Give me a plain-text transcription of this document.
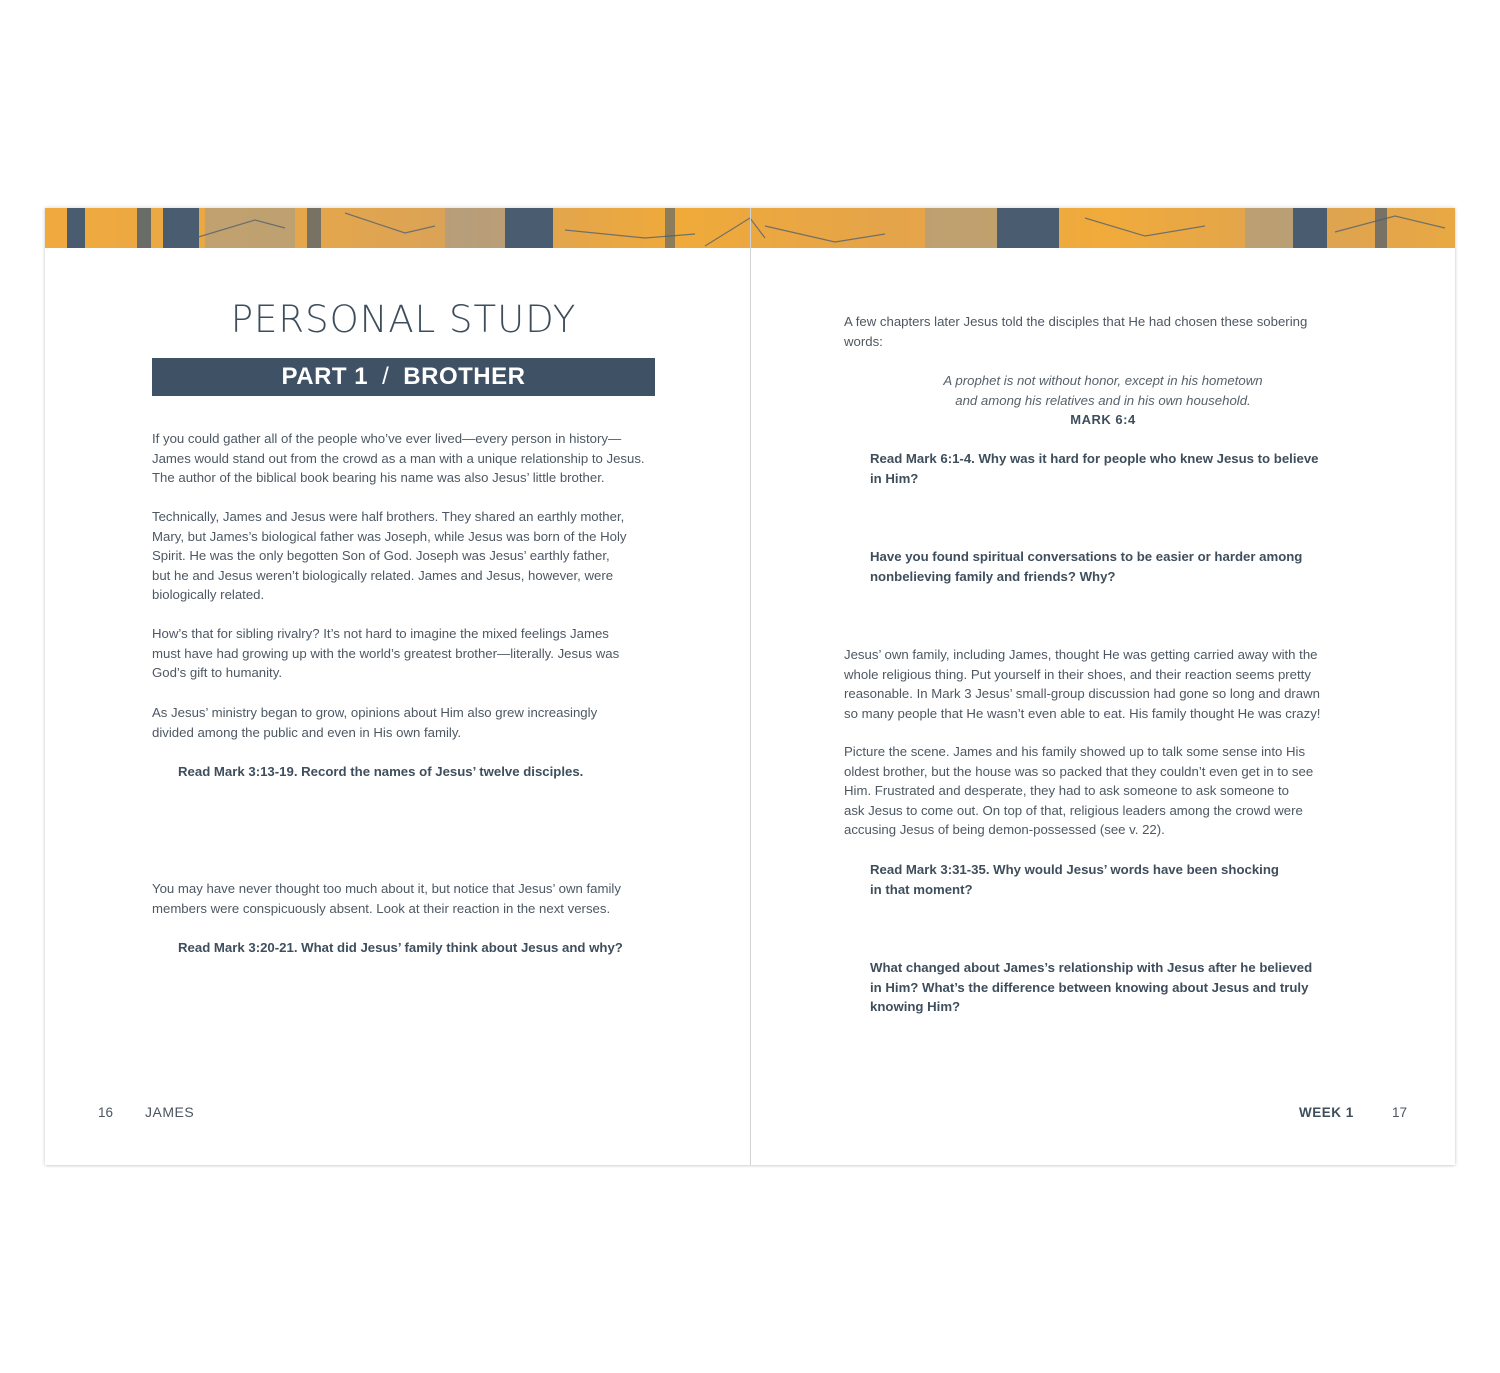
PERSONAL STUDY
PART 1 / BROTHER

If you could gather all of the people who’ve ever lived—every person in history—
James would stand out from the crowd as a man with a unique relationship to Jesus.
The author of the biblical book bearing his name was also Jesus’ little brother.

Technically, James and Jesus were half brothers. They shared an earthly mother,
Mary, but James’s biological father was Joseph, while Jesus was born of the Holy
Spirit. He was the only begotten Son of God. Joseph was Jesus’ earthly father,
but he and Jesus weren’t biologically related. James and Jesus, however, were
biologically related.

How’s that for sibling rivalry? It’s not hard to imagine the mixed feelings James
must have had growing up with the world’s greatest brother—literally. Jesus was
God’s gift to humanity.

As Jesus’ ministry began to grow, opinions about Him also grew increasingly
divided among the public and even in His own family.

Read Mark 3:13-19. Record the names of Jesus’ twelve disciples.

You may have never thought too much about it, but notice that Jesus’ own family
members were conspicuously absent. Look at their reaction in the next verses.

Read Mark 3:20-21. What did Jesus’ family think about Jesus and why?

16 JAMES

A few chapters later Jesus told the disciples that He had chosen these sobering
words:

A prophet is not without honor, except in his hometown
and among his relatives and in his own household.

MARK 6:4

Read Mark 6:1-4. Why was it hard for people who knew Jesus to believe
in Him?

Have you found spiritual conversations to be easier or harder among
nonbelieving family and friends? Why?

Jesus’ own family, including James, thought He was getting carried away with the
whole religious thing. Put yourself in their shoes, and their reaction seems pretty
reasonable. In Mark 3 Jesus’ small-group discussion had gone so long and drawn
so many people that He wasn’t even able to eat. His family thought He was crazy!

Picture the scene. James and his family showed up to talk some sense into His
oldest brother, but the house was so packed that they couldn’t even get in to see
Him. Frustrated and desperate, they had to ask someone to ask someone to
ask Jesus to come out. On top of that, religious leaders among the crowd were
accusing Jesus of being demon-possessed (see v. 22).

Read Mark 3:31-35. Why would Jesus’ words have been shocking
in that moment?

What changed about James’s relationship with Jesus after he believed
in Him? What’s the difference between knowing about Jesus and truly
knowing Him?

WEEK 1	17
